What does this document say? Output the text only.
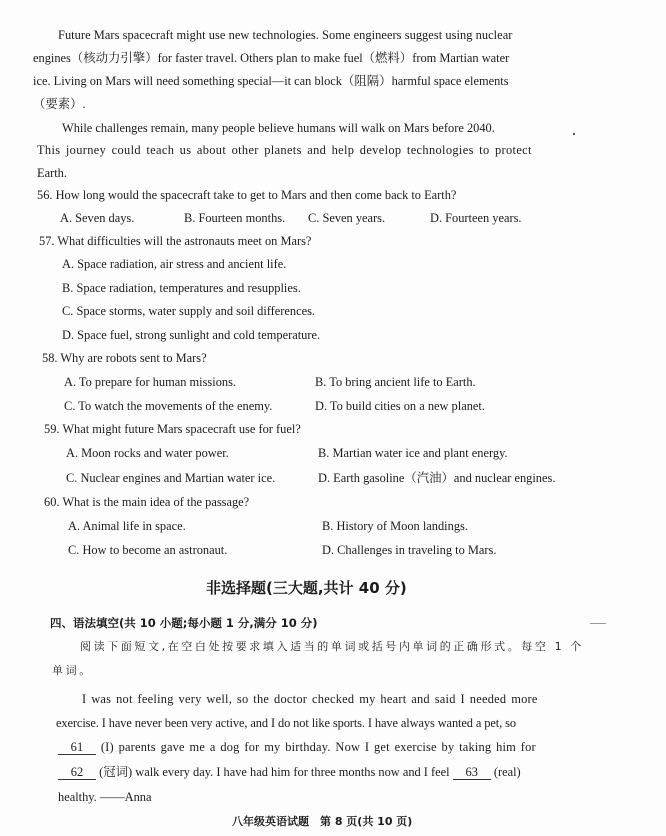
Future Mars spacecraft might use new technologies. Some engineers suggest using nuclear
engines（核动力引擎）for faster travel. Others plan to make fuel（燃料）from Martian water
ice. Living on Mars will need something special—it can block（阻隔）harmful space elements
（要素）.
While challenges remain, many people believe humans will walk on Mars before 2040.
This journey could teach us about other planets and help develop technologies to protect
Earth.
56. How long would the spacecraft take to get to Mars and then come back to Earth?
A. Seven days.	B. Fourteen months. C. Seven years.	D. Fourteen years.
57. What difficulties will the astronauts meet on Mars?
A. Space radiation, air stress and ancient life.
B. Space radiation, temperatures and resupplies.
C. Space storms, water supply and soil differences.
D. Space fuel, strong sunlight and cold temperature.
58. Why are robots sent to Mars?
A. To prepare for human missions.	B. To bring ancient life to Earth.
C. To watch the movements of the enemy.	D. To build cities on a new planet.
59. What might future Mars spacecraft use for fuel?
A. Moon rocks and water power.	B. Martian water ice and plant energy.
C. Nuclear engines and Martian water ice.	D. Earth gasoline（汽油）and nuclear engines.
60. What is the main idea of the passage?
A. Animal life in space.	B. History of Moon landings.
C. How to become an astronaut.	D. Challenges in traveling to Mars.
非选择题(三大题,共计 40 分)
四、语法填空(共 10 小题;每小题 1 分,满分 10 分)
阅读下面短文,在空白处按要求填入适当的单词或括号内单词的正确形式。每空 1 个
单词。
I was not feeling very well, so the doctor checked my heart and said I needed more
exercise. I have never been very active, and I do not like sports. I have always wanted a pet, so
61 (I) parents gave me a dog for my birthday. Now I get exercise by taking him for
62 (冠词) walk every day. I have had him for three months now and I feel 63 (real)
healthy. ——Anna
八年级英语试题　第 8 页(共 10 页)
